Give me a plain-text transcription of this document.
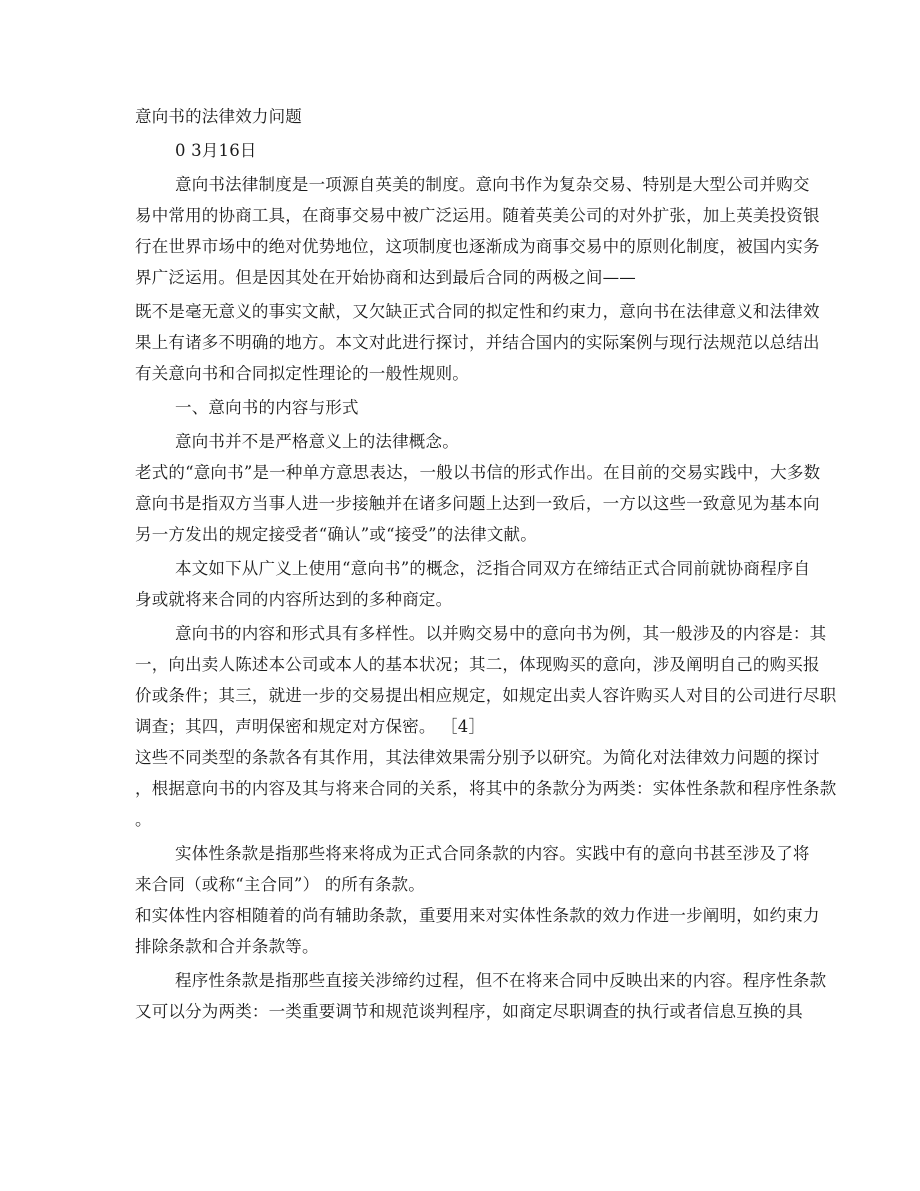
意向书的法律效力问题
0 3月16日
意向书法律制度是一项源自英美的制度。意向书作为复杂交易、特别是大型公司并购交
易中常用的协商工具，在商事交易中被广泛运用。随着英美公司的对外扩张，加上英美投资银
行在世界市场中的绝对优势地位，这项制度也逐渐成为商事交易中的原则化制度，被国内实务
界广泛运用。但是因其处在开始协商和达到最后合同的两极之间——
既不是毫无意义的事实文献，又欠缺正式合同的拟定性和约束力，意向书在法律意义和法律效
果上有诸多不明确的地方。本文对此进行探讨，并结合国内的实际案例与现行法规范以总结出
有关意向书和合同拟定性理论的一般性规则。
一、意向书的内容与形式
意向书并不是严格意义上的法律概念。
老式的“意向书”是一种单方意思表达，一般以书信的形式作出。在目前的交易实践中，大多数
意向书是指双方当事人进一步接触并在诸多问题上达到一致后，一方以这些一致意见为基本向
另一方发出的规定接受者“确认”或“接受”的法律文献。
本文如下从广义上使用“意向书”的概念，泛指合同双方在缔结正式合同前就协商程序自
身或就将来合同的内容所达到的多种商定。
意向书的内容和形式具有多样性。以并购交易中的意向书为例，其一般涉及的内容是：其
一，向出卖人陈述本公司或本人的基本状况；其二，体现购买的意向，涉及阐明自己的购买报
价或条件；其三，就进一步的交易提出相应规定，如规定出卖人容许购买人对目的公司进行尽职
调查；其四，声明保密和规定对方保密。 ［4］
这些不同类型的条款各有其作用，其法律效果需分别予以研究。为简化对法律效力问题的探讨
，根据意向书的内容及其与将来合同的关系，将其中的条款分为两类：实体性条款和程序性条款
。
实体性条款是指那些将来将成为正式合同条款的内容。实践中有的意向书甚至涉及了将
来合同（或称“主合同”） 的所有条款。
和实体性内容相随着的尚有辅助条款，重要用来对实体性条款的效力作进一步阐明，如约束力
排除条款和合并条款等。
程序性条款是指那些直接关涉缔约过程，但不在将来合同中反映出来的内容。程序性条款
又可以分为两类：一类重要调节和规范谈判程序，如商定尽职调查的执行或者信息互换的具
